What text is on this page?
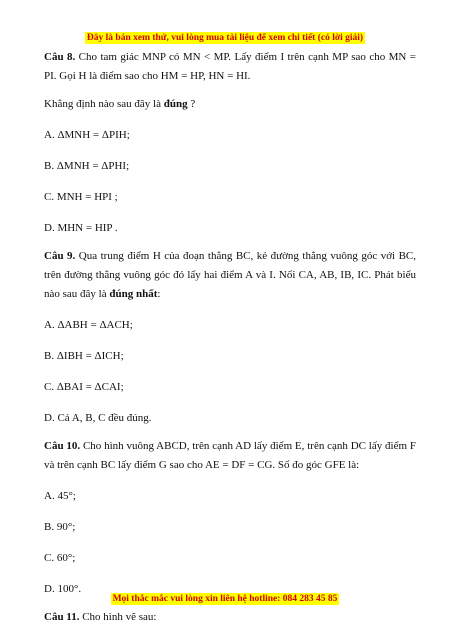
Đây là bản xem thử, vui lòng mua tài liệu để xem chi tiết (có lời giải)

Câu 8. Cho tam giác MNP có MN < MP. Lấy điểm I trên cạnh MP sao cho MN = PI. Gọi H là điểm sao cho HM = HP, HN = HI.

Khẳng định nào sau đây là đúng ?

A. ΔMNH = ΔPIH;

B. ΔMNH = ΔPHI;

C. MNH = HPI ;

D. MHN = HIP .

Câu 9. Qua trung điểm H của đoạn thẳng BC, kẻ đường thẳng vuông góc với BC, trên đường thẳng vuông góc đó lấy hai điểm A và I. Nối CA, AB, IB, IC. Phát biểu nào sau đây là đúng nhất:

A. ΔABH = ΔACH;

B. ΔIBH = ΔICH;

C. ΔBAI = ΔCAI;

D. Cả A, B, C đều đúng.

Câu 10. Cho hình vuông ABCD, trên cạnh AD lấy điểm E, trên cạnh DC lấy điểm F và trên cạnh BC lấy điểm G sao cho AE = DF = CG. Số đo góc GFE là:

A. 45°;

B. 90°;

C. 60°;

D. 100°.

Câu 11. Cho hình vẽ sau:

Mọi thắc mắc vui lòng xin liên hệ hotline: 084 283 45 85
